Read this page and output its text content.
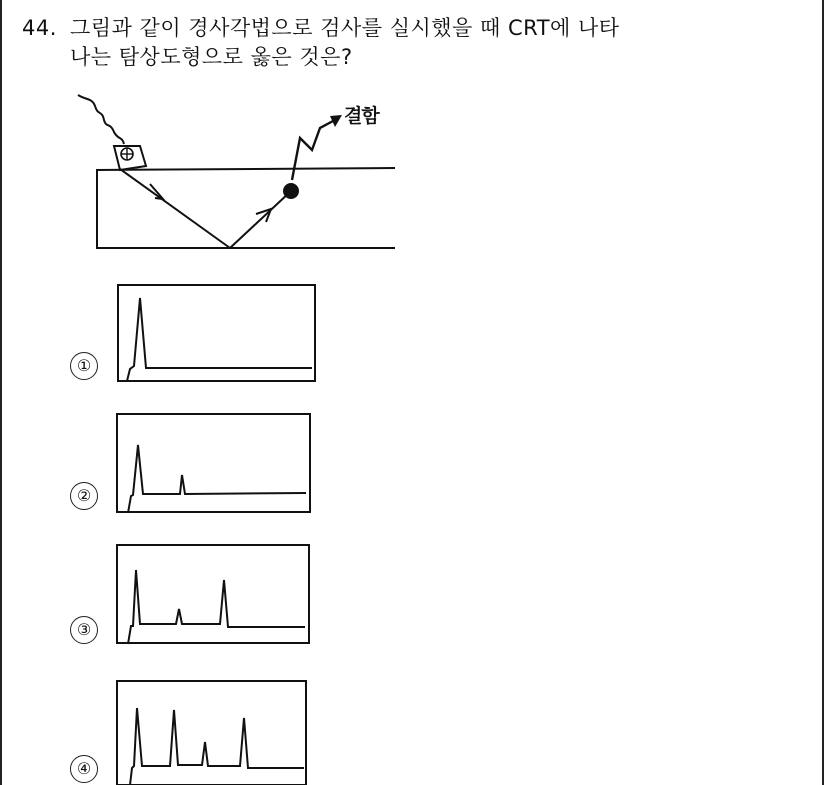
44. 그림과 같이 경사각법으로 검사를 실시했을 때 CRT에 나타
나는 탐상도형으로 옳은 것은?
결함
①
②
③
④
